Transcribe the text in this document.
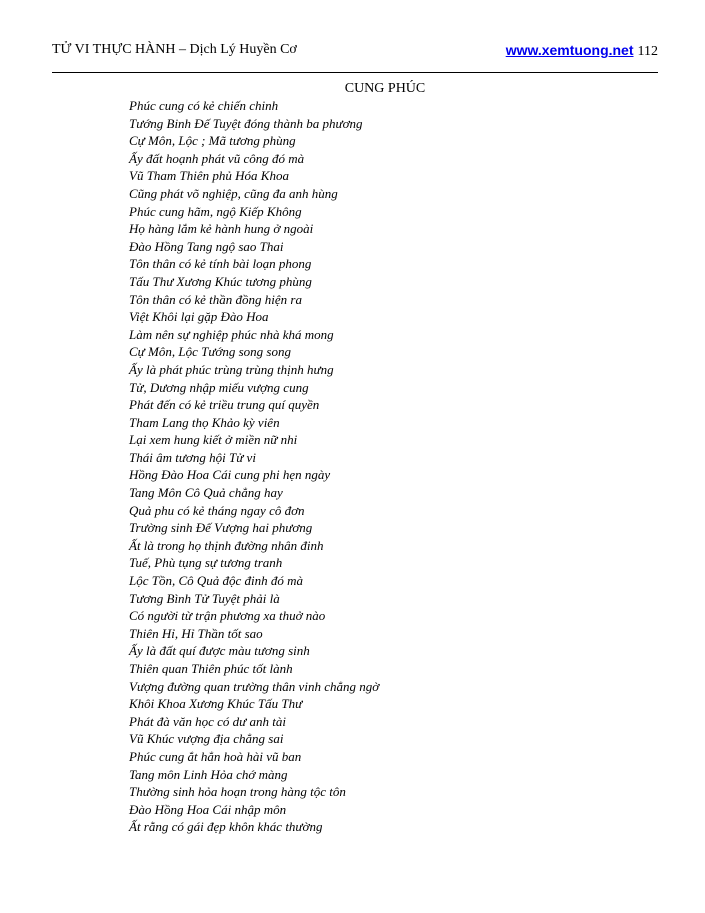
TỬ VI THỰC HÀNH – Dịch Lý Huyền Cơ	www.xemtuong.net 112
CUNG PHÚC
Phúc cung có kẻ chiến chinh
Tướng Binh Đế Tuyệt đóng thành ba phương
Cự Môn, Lộc ; Mã tương phùng
Ấy đất hoạnh phát vũ công đó mà
Vũ Tham Thiên phủ Hóa Khoa
Cũng phát võ nghiệp, cũng đa anh hùng
Phúc cung hãm, ngộ Kiếp Không
Họ hàng lắm kẻ hành hung ở ngoài
Đào Hồng Tang ngộ sao Thai
Tôn thân có kẻ tính bài loạn phong
Tấu Thư Xương Khúc tương phùng
Tôn thân có kẻ thần đồng hiện ra
Việt Khôi lại gặp Đào Hoa
Làm nên sự nghiệp phúc nhà khá mong
Cự Môn, Lộc Tướng song song
Ấy là phát phúc trùng trùng thịnh hưng
Tử, Dương nhập miếu vượng cung
Phát đến có kẻ triều trung quí quyền
Tham Lang thọ Khảo kỳ viên
Lại xem hung kiết ở miền nữ nhi
Thái âm tương hội Tử vi
Hồng Đào Hoa Cái cung phi hẹn ngày
Tang Môn Cô Quả chẳng hay
Quả phu có kẻ tháng ngay cô đơn
Trường sinh Đế Vượng hai phương
Ất là trong họ thịnh đường nhân đinh
Tuế, Phù tụng sự tương tranh
Lộc Tồn, Cô Quả độc đinh đó mà
Tương Bình Tử Tuyệt phải là
Có người từ trận phương xa thuở nào
Thiên Hỉ, Hỉ Thần tốt sao
Ấy là đất quí được màu tương sinh
Thiên quan Thiên phúc tốt lành
Vượng đường quan trường thân vinh chẳng ngờ
Khôi Khoa Xương Khúc Tấu Thư
Phát đà văn học có dư anh tài
Vũ Khúc vượng địa chẳng sai
Phúc cung ắt hẳn hoà hài vũ ban
Tang môn Linh Hỏa chớ màng
Thường sinh hỏa hoạn trong hàng tộc tôn
Đào Hồng Hoa Cái nhập môn
Ất rằng có gái đẹp khôn khác thường
